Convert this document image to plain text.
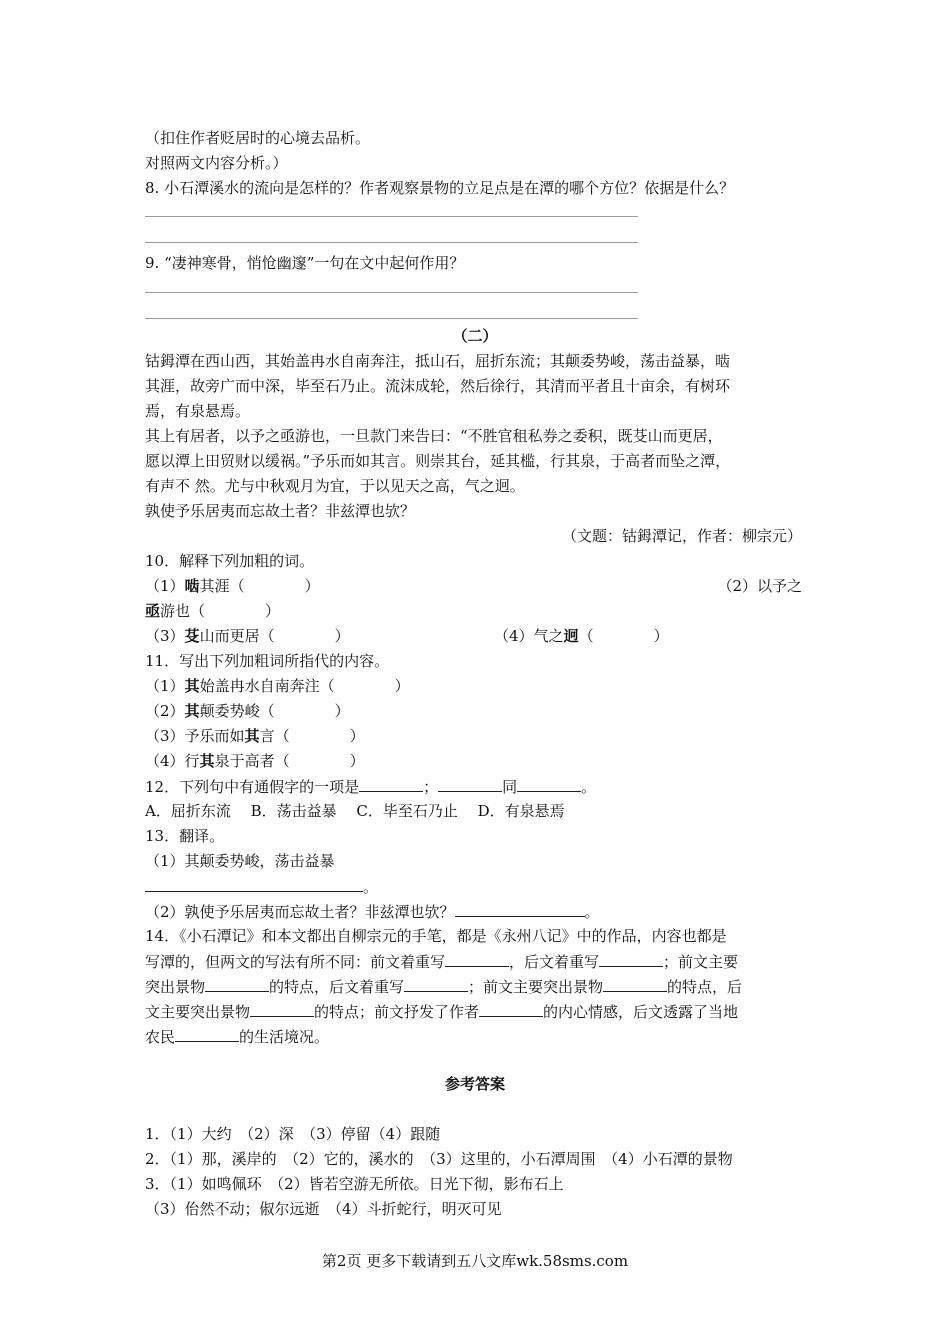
（扣住作者贬居时的心境去品析。
对照两文内容分析。）
8. 小石潭溪水的流向是怎样的？作者观察景物的立足点是在潭的哪个方位？依据是什么？
9. “凄神寒骨，悄怆幽邃”一句在文中起何作用？
（二）
钴鉧潭在西山西，其始盖冉水自南奔注，抵山石，屈折东流；其颠委势峻，荡击益暴，啮
其涯，故旁广而中深，毕至石乃止。流沫成轮，然后徐行，其清而平者且十亩余，有树环
焉，有泉悬焉。
其上有居者，以予之亟游也，一旦款门来告曰：“不胜官租私券之委积，既芟山而更居，
愿以潭上田贸财以缓祸。”予乐而如其言。则崇其台，延其槛，行其泉，于高者而坠之潭，
有声不 然。尤与中秋观月为宜，于以见天之高，气之迥。
孰使予乐居夷而忘故土者？非兹潭也欤？
（文题：钴鉧潭记，作者：柳宗元）
10．解释下列加粗的词。
（1）啮其涯（　　　　）	（2）以予之
亟游也（　　　　）
（3）芟山而更居（　　　　）	（4）气之迥（　　　　）
11．写出下列加粗词所指代的内容。
（1）其始盖冉水自南奔注（　　　　）
（2）其颠委势峻（　　　　）
（3）予乐而如其言（　　　　）
（4）行其泉于高者（　　　　）
12．下列句中有通假字的一项是	；	同	。
A．屈折东流　 B．荡击益暴　 C．毕至石乃止　 D．有泉悬焉
13．翻译。
（1）其颠委势峻，荡击益暴
。
（2）孰使予乐居夷而忘故土者？非兹潭也欤？	。
14．《小石潭记》和本文都出自柳宗元的手笔，都是《永州八记》中的作品，内容也都是
写潭的，但两文的写法有所不同：前文着重写	，后文着重写	；前文主要
突出景物	的特点，后文着重写	；前文主要突出景物	的特点，后
文主要突出景物	的特点；前文抒发了作者	的内心情感，后文透露了当地
农民	的生活境况。
参考答案
1．（1）大约　（2）深　（3）停留（4）跟随
2．（1）那，溪岸的　（2）它的，溪水的　（3）这里的，小石潭周围　（4）小石潭的景物
3．（1）如鸣佩环　（2）皆若空游无所依。日光下彻，影布石上
（3）佁然不动；俶尔远逝　（4）斗折蛇行，明灭可见
第2页 更多下载请到五八文库wk.58sms.com
